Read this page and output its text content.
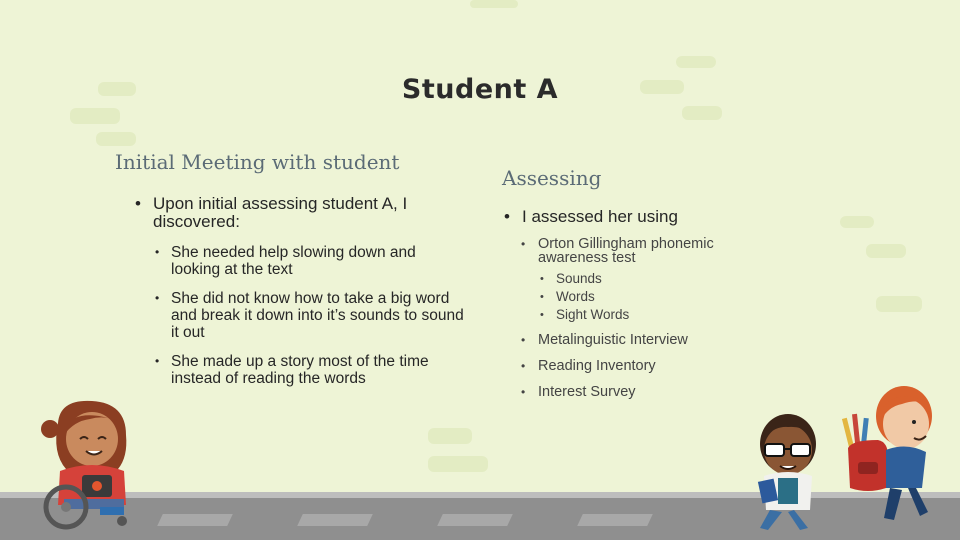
Student A
Initial Meeting with student
• Upon initial assessing student A, I discovered:
• She needed help slowing down and looking at the text
• She did not know how to take a big word and break it down into it’s sounds to sound it out
• She made up a story most of the time instead of reading the words
Assessing
• I assessed her using
• Orton Gillingham phonemic awareness test
• Sounds
• Words
• Sight Words
• Metalinguistic Interview
• Reading Inventory
• Interest Survey
